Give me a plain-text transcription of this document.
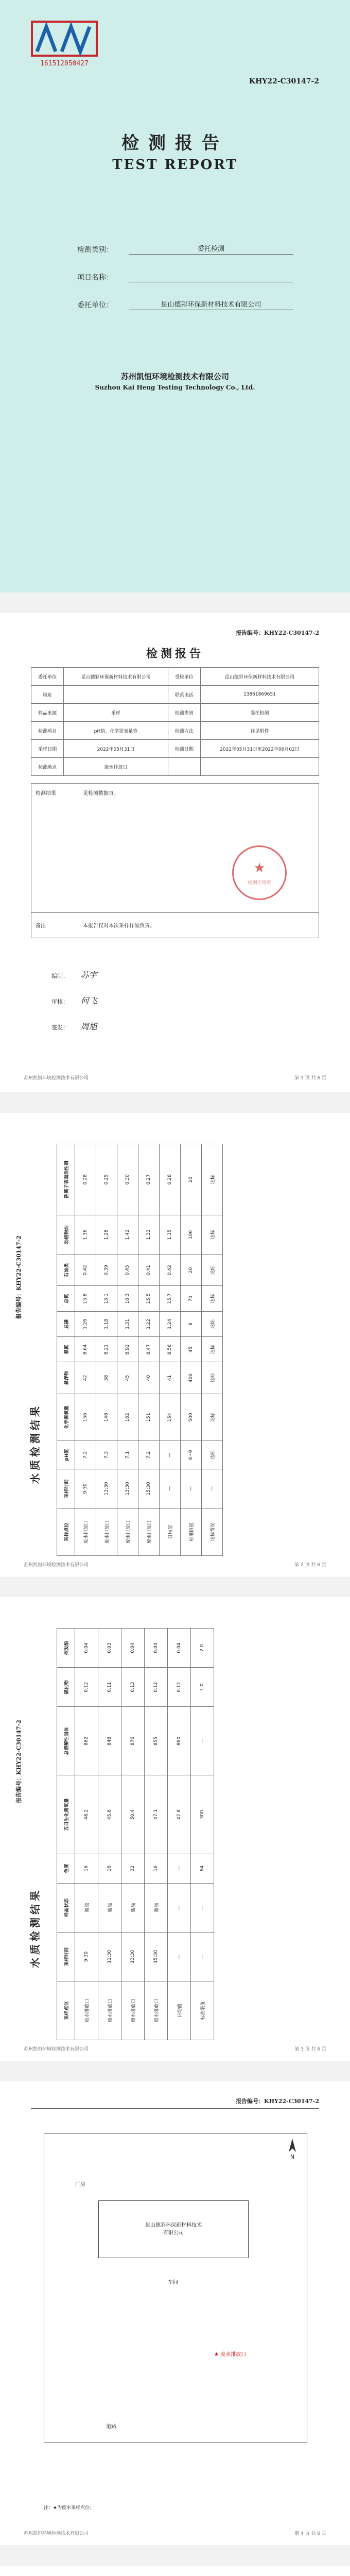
161512050427
KHY22-C30147-2
检测报告
TEST REPORT
检测类别：	委托检测
项目名称：
委托单位：	昆山德彩环保新材料技术有限公司
苏州凯恒环境检测技术有限公司
Suzhou Kai Heng Testing Technology Co., Ltd.
报告编号：KHY22-C30147-2
检测报告
委托单位	昆山德彩环保新材料技术有限公司	受检单位	昆山德彩环保新材料技术有限公司
地址		联系电话	13861869651
样品来源	采样	检测类别	委托检测
检测项目	pH值、化学需氧量等	检测方法	详见附件
采样日期	2022年05月31日	检测日期	2022年05月31日至2022年06月02日
检测地点	废水排放口		
检测结果	见检测数据页。
★
检测专用章
备注	本报告仅对本次采样样品负责。
编制： 苏宇
审核： 何飞
签发： 周旭
苏州凯恒环境检测技术有限公司	第 1 页 共 6 页
报告编号：KHY22-C30147-2
水质检测结果
采样点位	采样时间	pH值	化学需氧量	悬浮物	氨氮	总磷	总氮	石油类	动植物油	阴离子表面活性剂
废水排放口	9:30	7.2	156	42	8.64	1.26	15.8	0.42	1.36	0.28
废水排放口	11:30	7.3	148	38	8.21	1.18	15.1	0.39	1.28	0.25
废水排放口	13:30	7.1	162	45	8.92	1.31	16.3	0.45	1.42	0.30
废水排放口	15:30	7.2	151	40	8.47	1.22	15.5	0.41	1.33	0.27
日均值	—	—	154	41	8.56	1.24	15.7	0.42	1.35	0.28
标准限值	—	6~9	500	400	45	8	70	20	100	20
达标情况	—	达标	达标	达标	达标	达标	达标	达标	达标	达标
苏州凯恒环境检测技术有限公司	第 2 页 共 6 页
报告编号：KHY22-C30147-2
水质检测结果
采样点位	采样时间	样品状态	色度	五日生化需氧量	总溶解性固体	硫化物	挥发酚
废水排放口	9:30	微浊	16	48.2	862	0.12	0.04
废水排放口	11:30	微浊	16	45.6	848	0.11	0.03
废水排放口	13:30	微浊	32	50.4	876	0.13	0.04
废水排放口	15:30	微浊	16	47.1	855	0.12	0.04
日均值	—	—	—	47.8	860	0.12	0.04
标准限值	—	—	64	300	—	1.0	2.0
苏州凯恒环境检测技术有限公司	第 3 页 共 6 页
报告编号：KHY22-C30147-2
N
厂房
昆山德彩环保新材料技术
有限公司
车间
★ 废水排放口
道路
注：★为废水采样点位；
苏州凯恒环境检测技术有限公司	第 4 页 共 6 页
